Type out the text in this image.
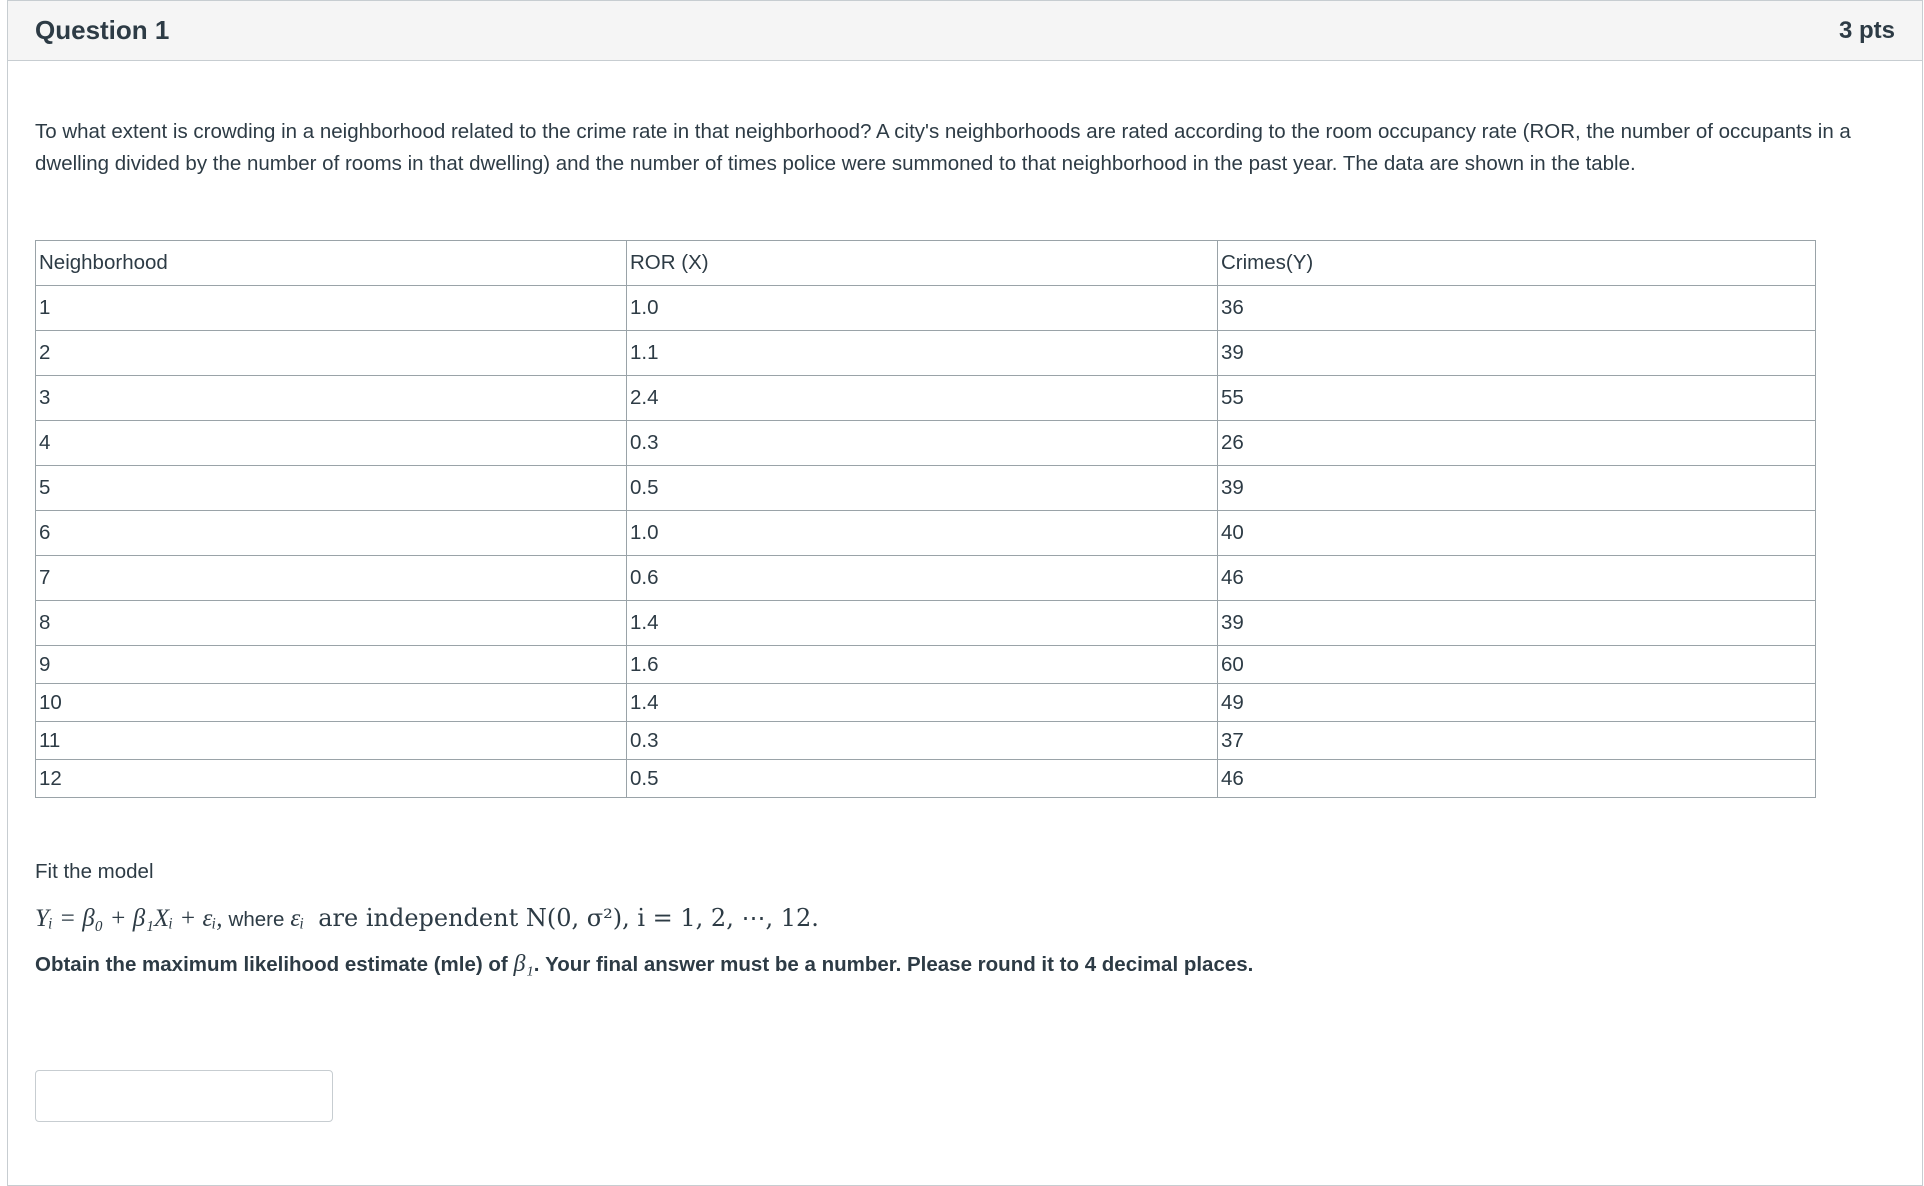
Question 1	3 pts
To what extent is crowding in a neighborhood related to the crime rate in that neighborhood? A city's neighborhoods are rated according to the room occupancy rate (ROR, the number of occupants in a dwelling divided by the number of rooms in that dwelling) and the number of times police were summoned to that neighborhood in the past year. The data are shown in the table.
Neighborhood	ROR (X)	Crimes(Y)
1	1.0	36
2	1.1	39
3	2.4	55
4	0.3	26
5	0.5	39
6	1.0	40
7	0.6	46
8	1.4	39
9	1.6	60
10	1.4	49
11	0.3	37
12	0.5	46
Fit the model
Yᵢ = β₀ + β₁Xᵢ + εᵢ, where εᵢ are independent N(0, σ²), i = 1, 2, ⋯, 12.
Obtain the maximum likelihood estimate (mle) of β₁. Your final answer must be a number. Please round it to 4 decimal places.
